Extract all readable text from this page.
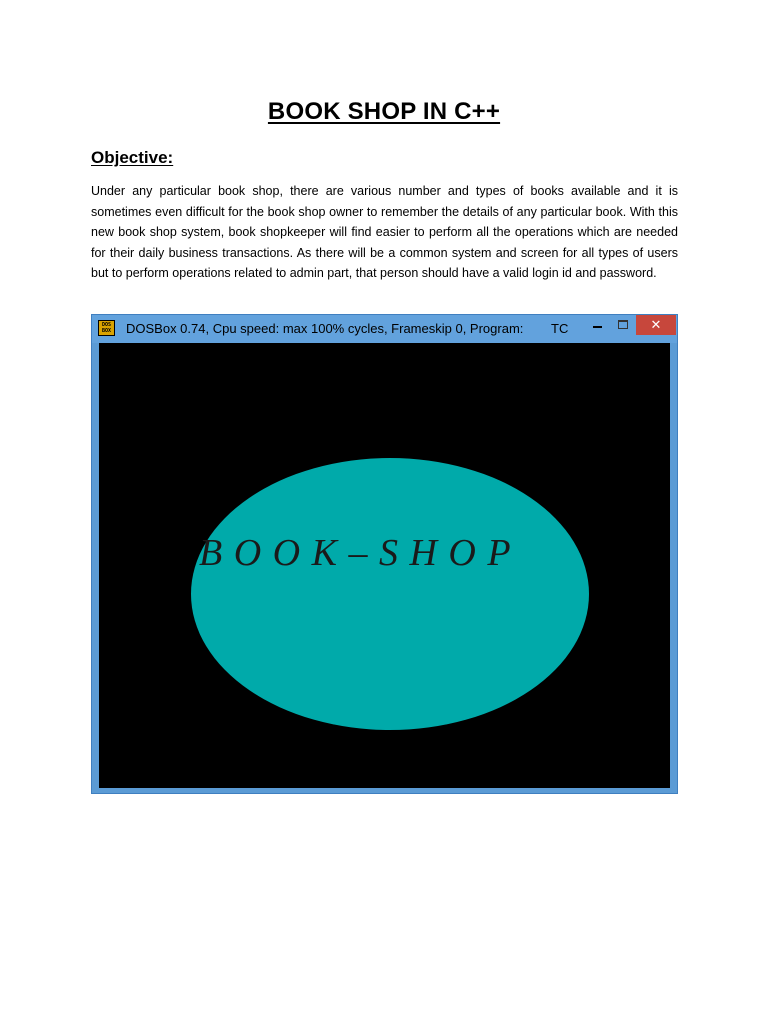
BOOK SHOP IN C++
Objective:

Under any particular book shop, there are various number and types of books available and it is sometimes even difficult for the book shop owner to remember the details of any particular book. With this new book shop system, book shopkeeper will find easier to perform all the operations which are needed for their daily business transactions. As there will be a common system and screen for all types of users but to perform operations related to admin part, that person should have a valid login id and password.

DOS BOX	DOSBox 0.74, Cpu speed: max 100% cycles, Frameskip 0, Program: TC	✕
B O O K – S H O P
